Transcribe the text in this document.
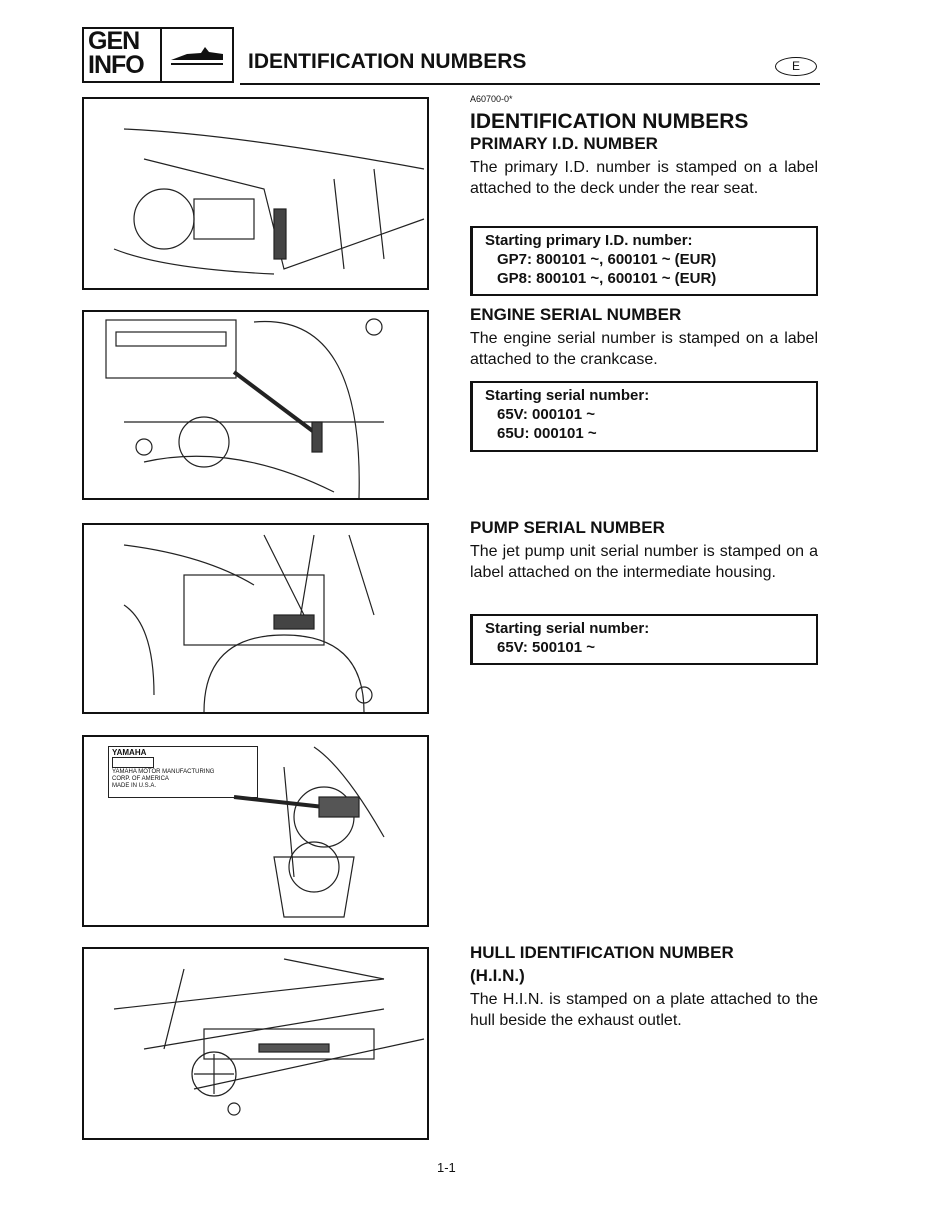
GEN
INFO	IDENTIFICATION NUMBERS	E
YAMAHA
YAMAHA MOTOR MANUFACTURING
CORP. OF AMERICA
MADE IN U.S.A.
A60700-0*
IDENTIFICATION NUMBERS
PRIMARY I.D. NUMBER
The primary I.D. number is stamped on a label attached to the deck under the rear seat.
Starting primary I.D. number:
GP7: 800101 ~, 600101 ~ (EUR)
GP8: 800101 ~, 600101 ~ (EUR)
ENGINE SERIAL NUMBER
The engine serial number is stamped on a label attached to the crankcase.
Starting serial number:
65V: 000101 ~
65U: 000101 ~
PUMP SERIAL NUMBER
The jet pump unit serial number is stamped on a label attached on the intermediate housing.
Starting serial number:
65V: 500101 ~
HULL IDENTIFICATION NUMBER
(H.I.N.)
The H.I.N. is stamped on a plate attached to the hull beside the exhaust outlet.
1-1
